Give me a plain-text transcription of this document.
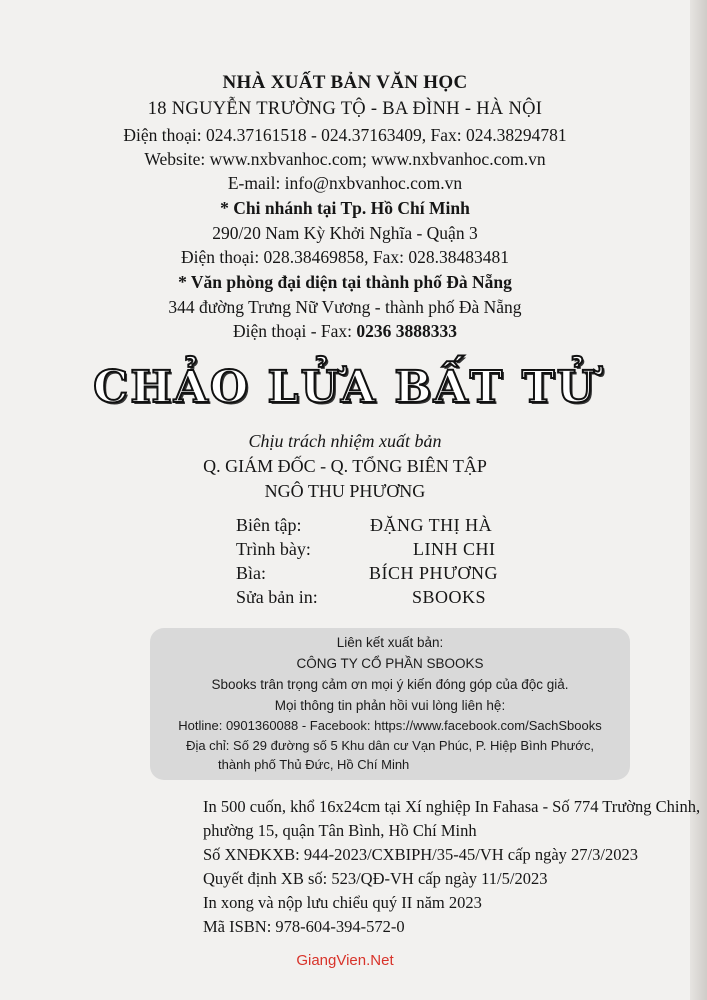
NHÀ XUẤT BẢN VĂN HỌC
18 NGUYỄN TRƯỜNG TỘ - BA ĐÌNH - HÀ NỘI
Điện thoại: 024.37161518 - 024.37163409, Fax: 024.38294781
Website: www.nxbvanhoc.com; www.nxbvanhoc.com.vn
E-mail: info@nxbvanhoc.com.vn
* Chi nhánh tại Tp. Hồ Chí Minh
290/20 Nam Kỳ Khởi Nghĩa - Quận 3
Điện thoại: 028.38469858, Fax: 028.38483481
* Văn phòng đại diện tại thành phố Đà Nẵng
344 đường Trưng Nữ Vương - thành phố Đà Nẵng
Điện thoại - Fax: 0236 3888333
CHẢO LỬA BẤT TỬ
Chịu trách nhiệm xuất bản
Q. GIÁM ĐỐC - Q. TỔNG BIÊN TẬP
NGÔ THU PHƯƠNG
Biên tập:	ĐẶNG THỊ HÀ
Trình bày:	LINH CHI
Bìa:	BÍCH PHƯƠNG
Sửa bản in:	SBOOKS
Liên kết xuất bản:
CÔNG TY CỔ PHẦN SBOOKS
Sbooks trân trọng cảm ơn mọi ý kiến đóng góp của độc giả.
Mọi thông tin phản hồi vui lòng liên hệ:
Hotline: 0901360088 - Facebook: https://www.facebook.com/SachSbooks
Địa chỉ: Số 29 đường số 5 Khu dân cư Vạn Phúc, P. Hiệp Bình Phước,
thành phố Thủ Đức, Hồ Chí Minh
In 500 cuốn, khổ 16x24cm tại Xí nghiệp In Fahasa - Số 774 Trường Chinh,
phường 15, quận Tân Bình, Hồ Chí Minh
Số XNĐKXB: 944-2023/CXBIPH/35-45/VH cấp ngày 27/3/2023
Quyết định XB số: 523/QĐ-VH cấp ngày 11/5/2023
In xong và nộp lưu chiểu quý II năm 2023
Mã ISBN: 978-604-394-572-0
GiangVien.Net
